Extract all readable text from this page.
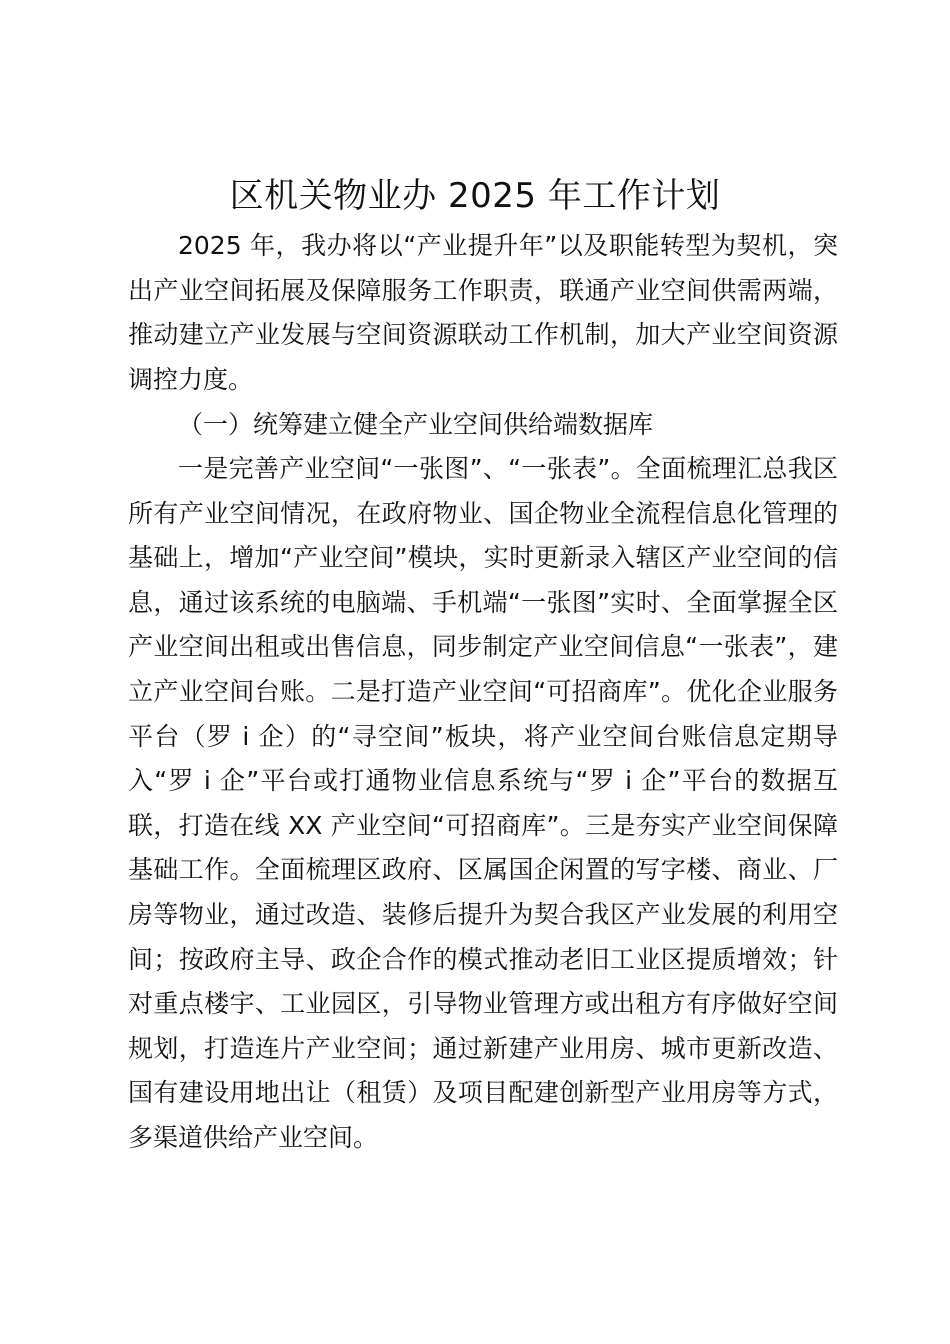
区机关物业办 2025 年工作计划

2025 年，我办将以“产业提升年”以及职能转型为契机，突出产业空间拓展及保障服务工作职责，联通产业空间供需两端，推动建立产业发展与空间资源联动工作机制，加大产业空间资源调控力度。

（一）统筹建立健全产业空间供给端数据库

一是完善产业空间“一张图”、“一张表”。全面梳理汇总我区所有产业空间情况，在政府物业、国企物业全流程信息化管理的基础上，增加“产业空间”模块，实时更新录入辖区产业空间的信息，通过该系统的电脑端、手机端“一张图”实时、全面掌握全区产业空间出租或出售信息，同步制定产业空间信息“一张表”，建立产业空间台账。二是打造产业空间“可招商库”。优化企业服务平台（罗 i 企）的“寻空间”板块，将产业空间台账信息定期导入“罗 i 企”平台或打通物业信息系统与“罗 i 企”平台的数据互联，打造在线 XX 产业空间“可招商库”。三是夯实产业空间保障基础工作。全面梳理区政府、区属国企闲置的写字楼、商业、厂房等物业，通过改造、装修后提升为契合我区产业发展的利用空间；按政府主导、政企合作的模式推动老旧工业区提质增效；针对重点楼宇、工业园区，引导物业管理方或出租方有序做好空间规划，打造连片产业空间；通过新建产业用房、城市更新改造、国有建设用地出让（租赁）及项目配建创新型产业用房等方式，多渠道供给产业空间。
